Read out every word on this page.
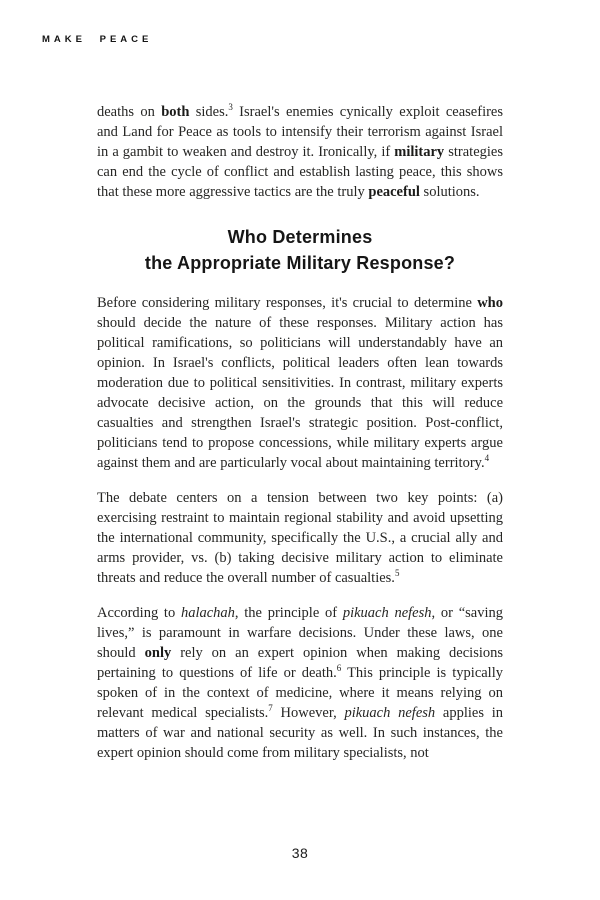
MAKE PEACE

deaths on both sides.$^3$ Israel's enemies cynically exploit ceasefires and Land for Peace as tools to intensify their terrorism against Israel in a gambit to weaken and destroy it. Ironically, if military strategies can end the cycle of conflict and establish lasting peace, this shows that these more aggressive tactics are the truly peaceful solutions.

Who Determines
the Appropriate Military Response?

Before considering military responses, it's crucial to determine who should decide the nature of these responses. Military action has political ramifications, so politicians will understandably have an opinion. In Israel's conflicts, political leaders often lean towards moderation due to political sensitivities. In contrast, military experts advocate decisive action, on the grounds that this will reduce casualties and strengthen Israel's strategic position. Post-conflict, politicians tend to propose concessions, while military experts argue against them and are particularly vocal about maintaining territory.$^4$

The debate centers on a tension between two key points: (a) exercising restraint to maintain regional stability and avoid upsetting the international community, specifically the U.S., a crucial ally and arms provider, vs. (b) taking decisive military action to eliminate threats and reduce the overall number of casualties.$^5$

According to halachah, the principle of pikuach nefesh, or “saving lives,” is paramount in warfare decisions. Under these laws, one should only rely on an expert opinion when making decisions pertaining to questions of life or death.$^6$ This principle is typically spoken of in the context of medicine, where it means relying on relevant medical specialists.$^7$ However, pikuach nefesh applies in matters of war and national security as well. In such instances, the expert opinion should come from military specialists, not

38
